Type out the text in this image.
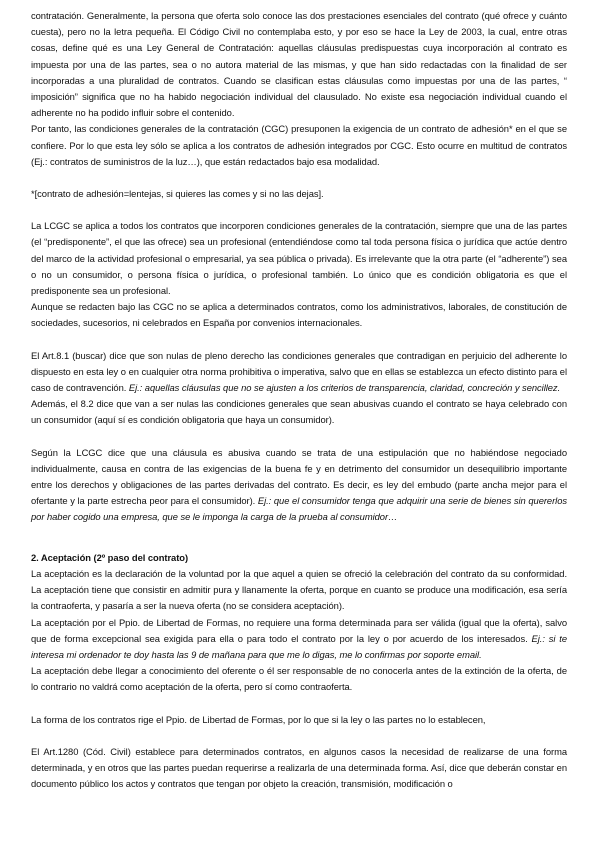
contratación. Generalmente, la persona que oferta solo conoce las dos prestaciones esenciales del contrato (qué ofrece y cuánto cuesta), pero no la letra pequeña. El Código Civil no contemplaba esto, y por eso se hace la Ley de 2003, la cual, entre otras cosas, define qué es una Ley General de Contratación: aquellas cláusulas predispuestas cuya incorporación al contrato es impuesta por una de las partes, sea o no autora material de las mismas, y que han sido redactadas con la finalidad de ser incorporadas a una pluralidad de contratos. Cuando se clasifican estas cláusulas como impuestas por una de las partes, “ imposición” significa que no ha habido negociación individual del clausulado. No existe esa negociación individual cuando el adherente no ha podido influir sobre el contenido.

Por tanto, las condiciones generales de la contratación (CGC) presuponen la exigencia de un contrato de adhesión* en el que se confiere. Por lo que esta ley sólo se aplica a los contratos de adhesión integrados por CGC. Esto ocurre en multitud de contratos (Ej.: contratos de suministros de la luz…), que están redactados bajo esa modalidad.

*[contrato de adhesión=lentejas, si quieres las comes y si no las dejas].

La LCGC se aplica a todos los contratos que incorporen condiciones generales de la contratación, siempre que una de las partes (el “predisponente”, el que las ofrece) sea un profesional (entendiéndose como tal toda persona física o jurídica que actúe dentro del marco de la actividad profesional o empresarial, ya sea pública o privada). Es irrelevante que la otra parte (el “adherente”) sea o no un consumidor, o persona física o jurídica, o profesional también. Lo único que es condición obligatoria es que el predisponente sea un profesional.

Aunque se redacten bajo las CGC no se aplica a determinados contratos, como los administrativos, laborales, de constitución de sociedades, sucesorios, ni celebrados en España por convenios internacionales.

El Art.8.1 (buscar) dice que son nulas de pleno derecho las condiciones generales que contradigan en perjuicio del adherente lo dispuesto en esta ley o en cualquier otra norma prohibitiva o imperativa, salvo que en ellas se establezca un efecto distinto para el caso de contravención. Ej.: aquellas cláusulas que no se ajusten a los criterios de transparencia, claridad, concreción y sencillez.

Además, el 8.2 dice que van a ser nulas las condiciones generales que sean abusivas cuando el contrato se haya celebrado con un consumidor (aquí sí es condición obligatoria que haya un consumidor).

Según la LCGC dice que una cláusula es abusiva cuando se trata de una estipulación que no habiéndose negociado individualmente, causa en contra de las exigencias de la buena fe y en detrimento del consumidor un desequilibrio importante entre los derechos y obligaciones de las partes derivadas del contrato. Es decir, es ley del embudo (parte ancha mejor para el ofertante y la parte estrecha peor para el consumidor). Ej.: que el consumidor tenga que adquirir una serie de bienes sin quererlos por haber cogido una empresa, que se le imponga la carga de la prueba al consumidor…

2. Aceptación (2º paso del contrato)

La aceptación es la declaración de la voluntad por la que aquel a quien se ofreció la celebración del contrato da su conformidad. La aceptación tiene que consistir en admitir pura y llanamente la oferta, porque en cuanto se produce una modificación, esa sería la contraoferta, y pasaría a ser la nueva oferta (no se considera aceptación).

La aceptación por el Ppio. de Libertad de Formas, no requiere una forma determinada para ser válida (igual que la oferta), salvo que de forma excepcional sea exigida para ella o para todo el contrato por la ley o por acuerdo de los interesados. Ej.: si te interesa mi ordenador te doy hasta las 9 de mañana para que me lo digas, me lo confirmas por soporte email.

La aceptación debe llegar a conocimiento del oferente o él ser responsable de no conocerla antes de la extinción de la oferta, de lo contrario no valdrá como aceptación de la oferta, pero sí como contraoferta.

La forma de los contratos rige el Ppio. de Libertad de Formas, por lo que si la ley o las partes no lo establecen,

El Art.1280 (Cód. Civil) establece para determinados contratos, en algunos casos la necesidad de realizarse de una forma determinada, y en otros que las partes puedan requerirse a realizarla de una determinada forma. Así, dice que deberán constar en documento público los actos y contratos que tengan por objeto la creación, transmisión, modificación o
